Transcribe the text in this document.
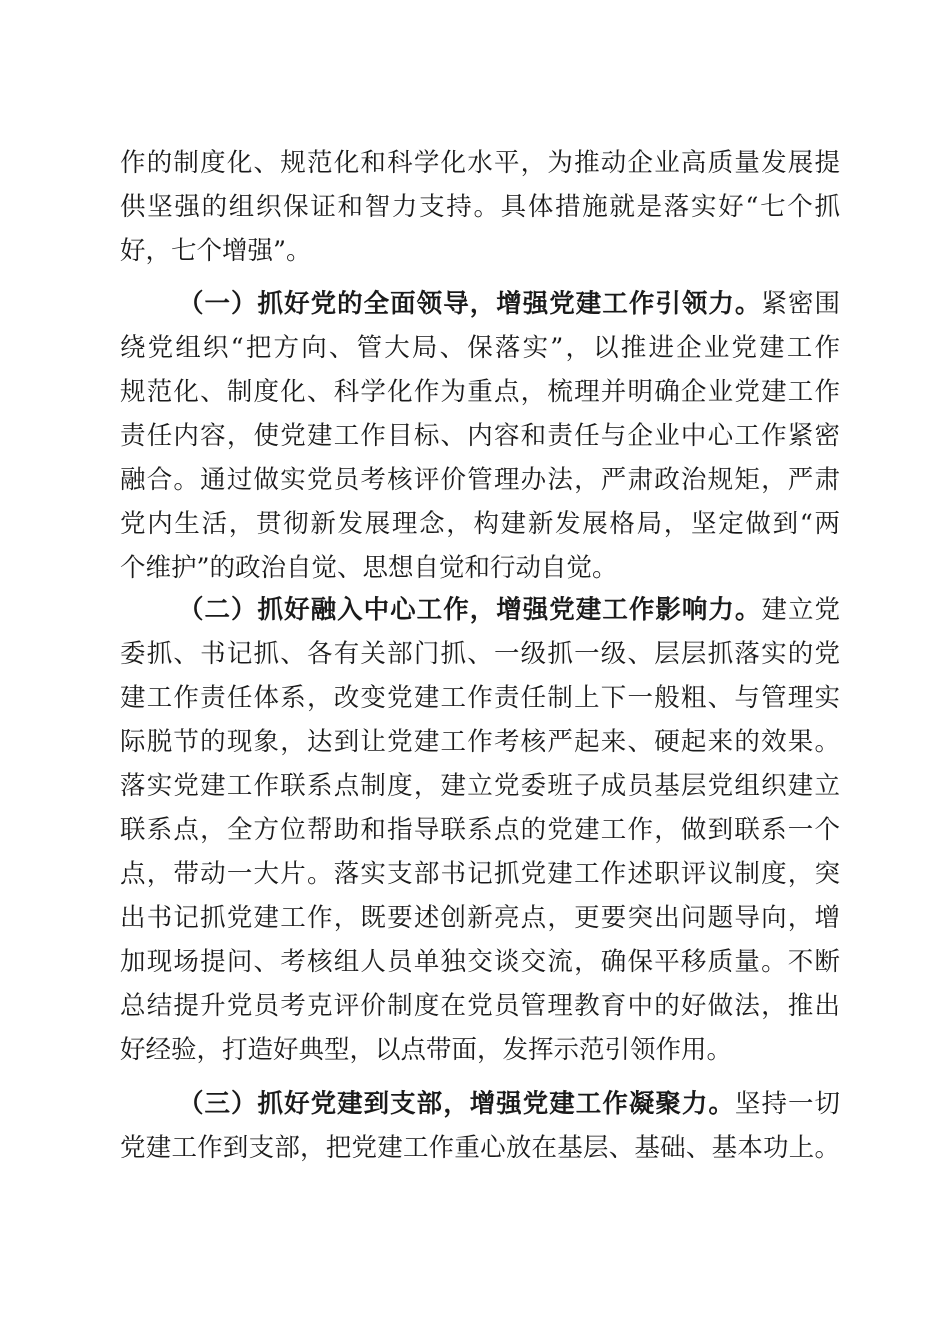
作的制度化、规范化和科学化水平，为推动企业高质量发展提
供坚强的组织保证和智力支持。具体措施就是落实好“七个抓
好，七个增强”。
（一）抓好党的全面领导，增强党建工作引领力。紧密围
绕党组织“把方向、管大局、保落实”，以推进企业党建工作
规范化、制度化、科学化作为重点，梳理并明确企业党建工作
责任内容，使党建工作目标、内容和责任与企业中心工作紧密
融合。通过做实党员考核评价管理办法，严肃政治规矩，严肃
党内生活，贯彻新发展理念，构建新发展格局，坚定做到“两
个维护”的政治自觉、思想自觉和行动自觉。
（二）抓好融入中心工作，增强党建工作影响力。建立党
委抓、书记抓、各有关部门抓、一级抓一级、层层抓落实的党
建工作责任体系，改变党建工作责任制上下一般粗、与管理实
际脱节的现象，达到让党建工作考核严起来、硬起来的效果。
落实党建工作联系点制度，建立党委班子成员基层党组织建立
联系点，全方位帮助和指导联系点的党建工作，做到联系一个
点，带动一大片。落实支部书记抓党建工作述职评议制度，突
出书记抓党建工作，既要述创新亮点，更要突出问题导向，增
加现场提问、考核组人员单独交谈交流，确保平移质量。不断
总结提升党员考克评价制度在党员管理教育中的好做法，推出
好经验，打造好典型，以点带面，发挥示范引领作用。
（三）抓好党建到支部，增强党建工作凝聚力。坚持一切
党建工作到支部，把党建工作重心放在基层、基础、基本功上。
